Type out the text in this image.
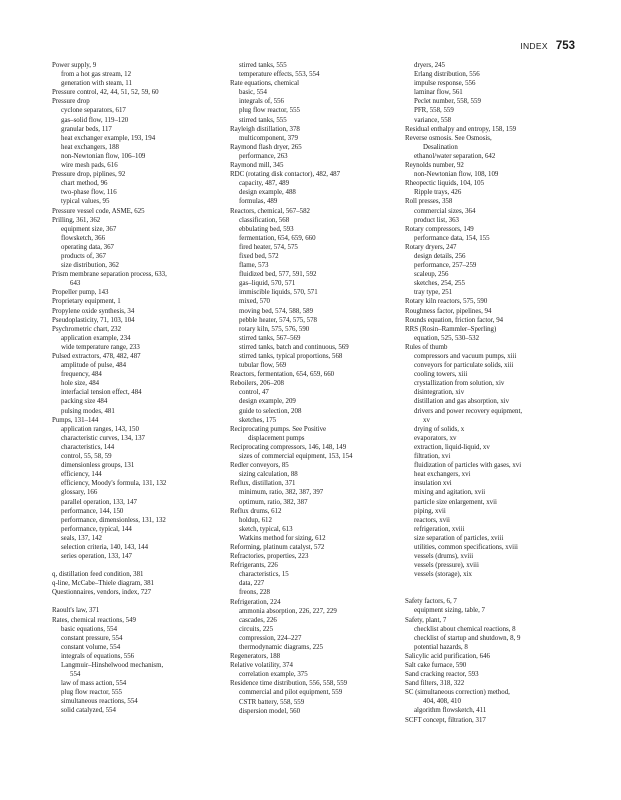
INDEX 753
Power supply, 9
from a hot gas stream, 12
generation with steam, 11
Pressure control, 42, 44, 51, 52, 59, 60
Pressure drop
cyclone separators, 617
gas–solid flow, 119–120
granular beds, 117
heat exchanger example, 193, 194
heat exchangers, 188
non-Newtonian flow, 106–109
wire mesh pads, 616
Pressure drop, piplines, 92
chart method, 96
two-phase flow, 116
typical values, 95
Pressure vessel code, ASME, 625
Prilling, 361, 362
equipment size, 367
flowsketch, 366
operating data, 367
products of, 367
size distribution, 362
Prism membrane separation process, 633,
643
Propeller pump, 143
Proprietary equipment, 1
Propylene oxide synthesis, 34
Pseudoplasticity, 71, 103, 104
Psychrometric chart, 232
application example, 234
wide temperature range, 233
Pulsed extractors, 478, 482, 487
amplitude of pulse, 484
frequency, 484
hole size, 484
interfacial tension effect, 484
packing size 484
pulsing modes, 481
Pumps, 131–144
application ranges, 143, 150
characteristic curves, 134, 137
characteristics, 144
control, 55, 58, 59
dimensionless groups, 131
efficiency, 144
efficiency, Moody's formula, 131, 132
glossary, 166
parallel operation, 133, 147
performance, 144, 150
performance, dimensionless, 131, 132
performance, typical, 144
seals, 137, 142
selection criteria, 140, 143, 144
series operation, 133, 147
q, distillation feed condition, 381
q-line, McCabe–Thiele diagram, 381
Questionnaires, vendors, index, 727
Raoult's law, 371
Rates, chemical reactions, 549
basic equations, 554
constant pressure, 554
constant volume, 554
integrals of equations, 556
Langmuir–Hinshelwood mechanism,
554
law of mass action, 554
plug flow reactor, 555
simultaneous reactions, 554
solid catalyzed, 554
stirred tanks, 555
temperature effects, 553, 554
Rate equations, chemical
basic, 554
integrals of, 556
plug flow reactor, 555
stirred tanks, 555
Rayleigh distillation, 378
multicomponent, 379
Raymond flash dryer, 265
performance, 263
Raymond mill, 345
RDC (rotating disk contactor), 482, 487
capacity, 487, 489
design example, 488
formulas, 489
Reactors, chemical, 567–582
classification, 568
ebbulating bed, 593
fermentation, 654, 659, 660
fired heater, 574, 575
fixed bed, 572
flame, 573
fluidized bed, 577, 591, 592
gas–liquid, 570, 571
immiscible liquids, 570, 571
mixed, 570
moving bed, 574, 588, 589
pebble heater, 574, 575, 578
rotary kiln, 575, 576, 590
stirred tanks, 567–569
stirred tanks, batch and continuous, 569
stirred tanks, typical proportions, 568
tubular flow, 569
Reactors, fermentation, 654, 659, 660
Reboilers, 206–208
control, 47
design example, 209
guide to selection, 208
sketches, 175
Reciprocating pumps. See Positive
displacement pumps
Reciprocating compressors, 146, 148, 149
sizes of commercial equipment, 153, 154
Redler conveyors, 85
sizing calculation, 88
Reflux, distillation, 371
minimum, ratio, 382, 387, 397
optimum, ratio, 382, 387
Reflux drums, 612
holdup, 612
sketch, typical, 613
Watkins method for sizing, 612
Reforming, platinum catalyst, 572
Refractories, properties, 223
Refrigerants, 226
characteristics, 15
data, 227
freons, 228
Refrigeration, 224
ammonia absorption, 226, 227, 229
cascades, 226
circuits, 225
compression, 224–227
thermodynamic diagrams, 225
Regenerators, 188
Relative volatility, 374
correlation example, 375
Residence time distribution, 556, 558, 559
commercial and pilot equipment, 559
CSTR battery, 558, 559
dispersion model, 560
dryers, 245
Erlang distribution, 556
impulse response, 556
laminar flow, 561
Peclet number, 558, 559
PFR, 558, 559
variance, 558
Residual enthalpy and entropy, 158, 159
Reverse osmosis. See Osmosis,
Desalination
ethanol/water separation, 642
Reynolds number, 92
non-Newtonian flow, 108, 109
Rheopectic liquids, 104, 105
Ripple trays, 426
Roll presses, 358
commercial sizes, 364
product list, 363
Rotary compressors, 149
performance data, 154, 155
Rotary dryers, 247
design details, 256
performance, 257–259
scaleup, 256
sketches, 254, 255
tray type, 251
Rotary kiln reactors, 575, 590
Roughness factor, pipelines, 94
Rounds equation, friction factor, 94
RRS (Rosin–Rammler–Sperling)
equation, 525, 530–532
Rules of thumb
compressors and vacuum pumps, xiii
conveyors for particulate solids, xiii
cooling towers, xiii
crystallization from solution, xiv
disintegration, xiv
distillation and gas absorption, xiv
drivers and power recovery equipment,
xv
drying of solids, x
evaporators, xv
extraction, liquid-liquid, xv
filtration, xvi
fluidization of particles with gases, xvi
heat exchangers, xvi
insulation xvi
mixing and agitation, xvii
particle size enlargement, xvii
piping, xvii
reactors, xvii
refrigeration, xviii
size separation of particles, xviii
utilities, common specifications, xviii
vessels (drums), xviii
vessels (pressure), xviii
vessels (storage), xix
Safety factors, 6, 7
equipment sizing, table, 7
Safety, plant, 7
checklist about chemical reactions, 8
checklist of startup and shutdown, 8, 9
potential hazards, 8
Salicylic acid purification, 646
Salt cake furnace, 590
Sand cracking reactor, 593
Sand filters, 318, 322
SC (simultaneous correction) method,
404, 408, 410
algorithm flowsketch, 411
SCFT concept, filtration, 317
